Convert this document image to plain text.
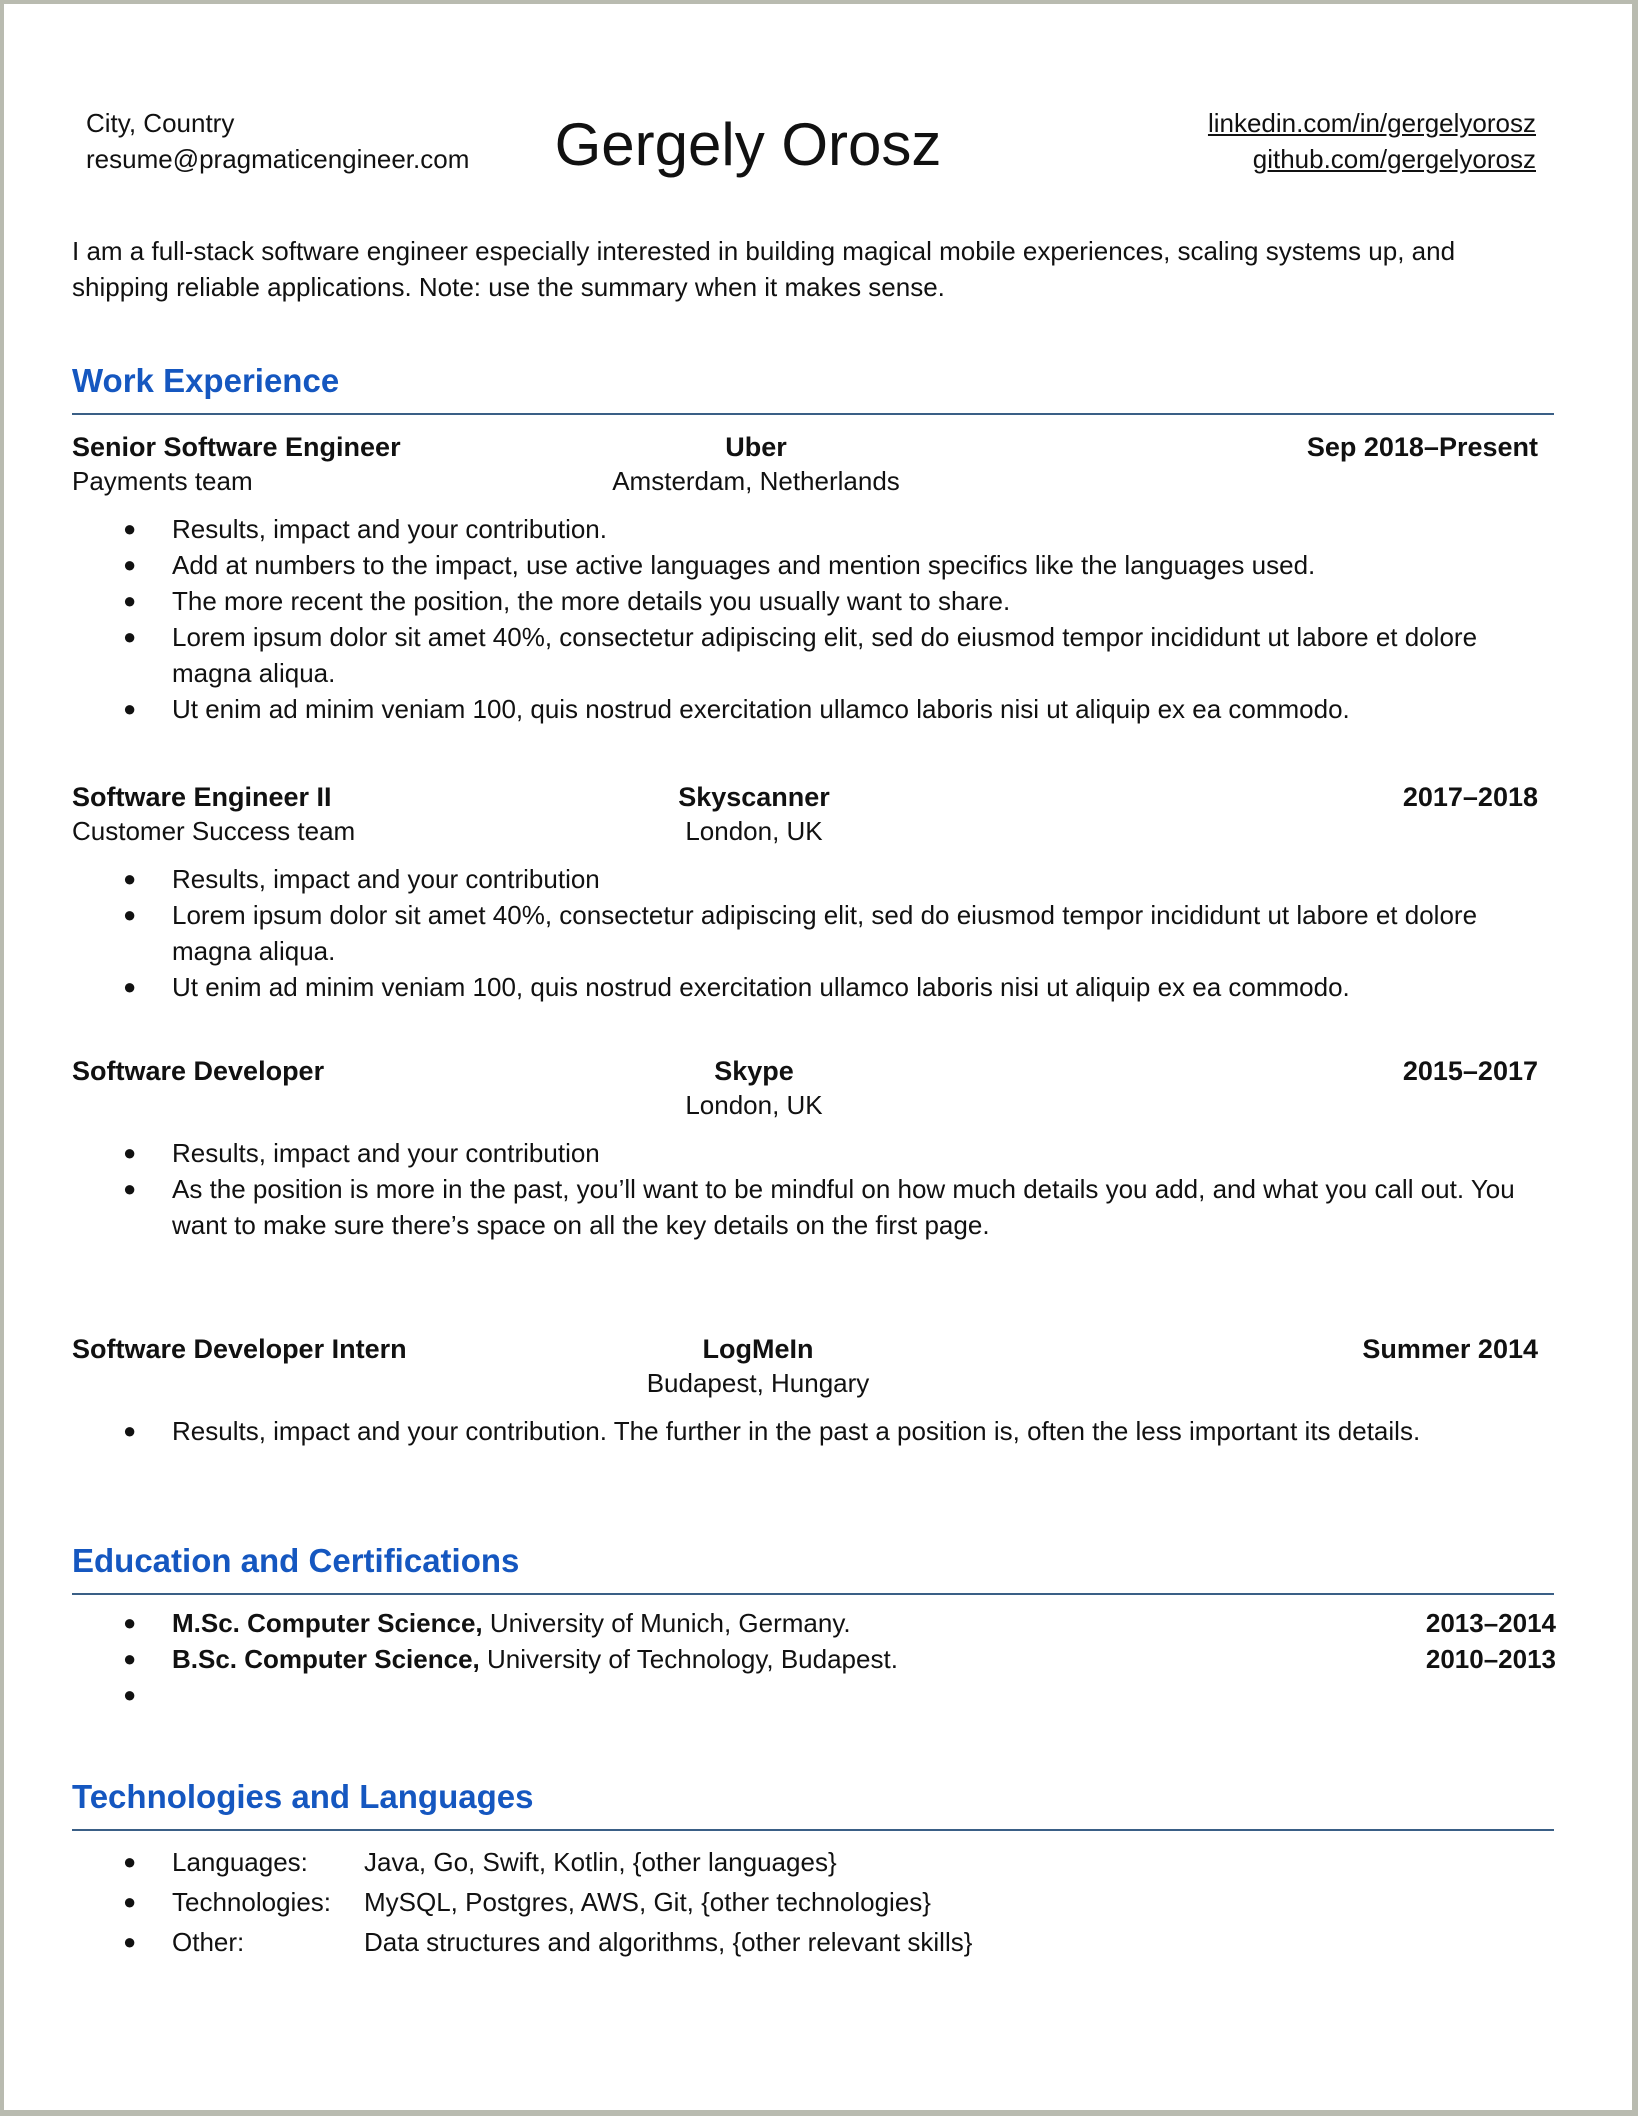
City, Country
resume@pragmaticengineer.com	Gergely Orosz	linkedin.com/in/gergelyorosz
github.com/gergelyorosz
I am a full-stack software engineer especially interested in building magical mobile experiences, scaling systems up, and shipping reliable applications. Note: use the summary when it makes sense.
Work Experience
Senior Software Engineer	Uber	Sep 2018–Present
Payments team	Amsterdam, Netherlands
● Results, impact and your contribution.
● Add at numbers to the impact, use active languages and mention specifics like the languages used.
● The more recent the position, the more details you usually want to share.
● Lorem ipsum dolor sit amet 40%, consectetur adipiscing elit, sed do eiusmod tempor incididunt ut labore et dolore magna aliqua.
● Ut enim ad minim veniam 100, quis nostrud exercitation ullamco laboris nisi ut aliquip ex ea commodo.
Software Engineer II	Skyscanner	2017–2018
Customer Success team	London, UK
● Results, impact and your contribution
● Lorem ipsum dolor sit amet 40%, consectetur adipiscing elit, sed do eiusmod tempor incididunt ut labore et dolore magna aliqua.
● Ut enim ad minim veniam 100, quis nostrud exercitation ullamco laboris nisi ut aliquip ex ea commodo.
Software Developer	Skype	2015–2017
London, UK
● Results, impact and your contribution
● As the position is more in the past, you’ll want to be mindful on how much details you add, and what you call out. You want to make sure there’s space on all the key details on the first page.
Software Developer Intern	LogMeIn	Summer 2014
Budapest, Hungary
● Results, impact and your contribution. The further in the past a position is, often the less important its details.
Education and Certifications
● M.Sc. Computer Science, University of Munich, Germany.	2013–2014
● B.Sc. Computer Science, University of Technology, Budapest.	2010–2013
●
Technologies and Languages
● Languages: Java, Go, Swift, Kotlin, {other languages}
● Technologies: MySQL, Postgres, AWS, Git, {other technologies}
● Other:	Data structures and algorithms, {other relevant skills}
